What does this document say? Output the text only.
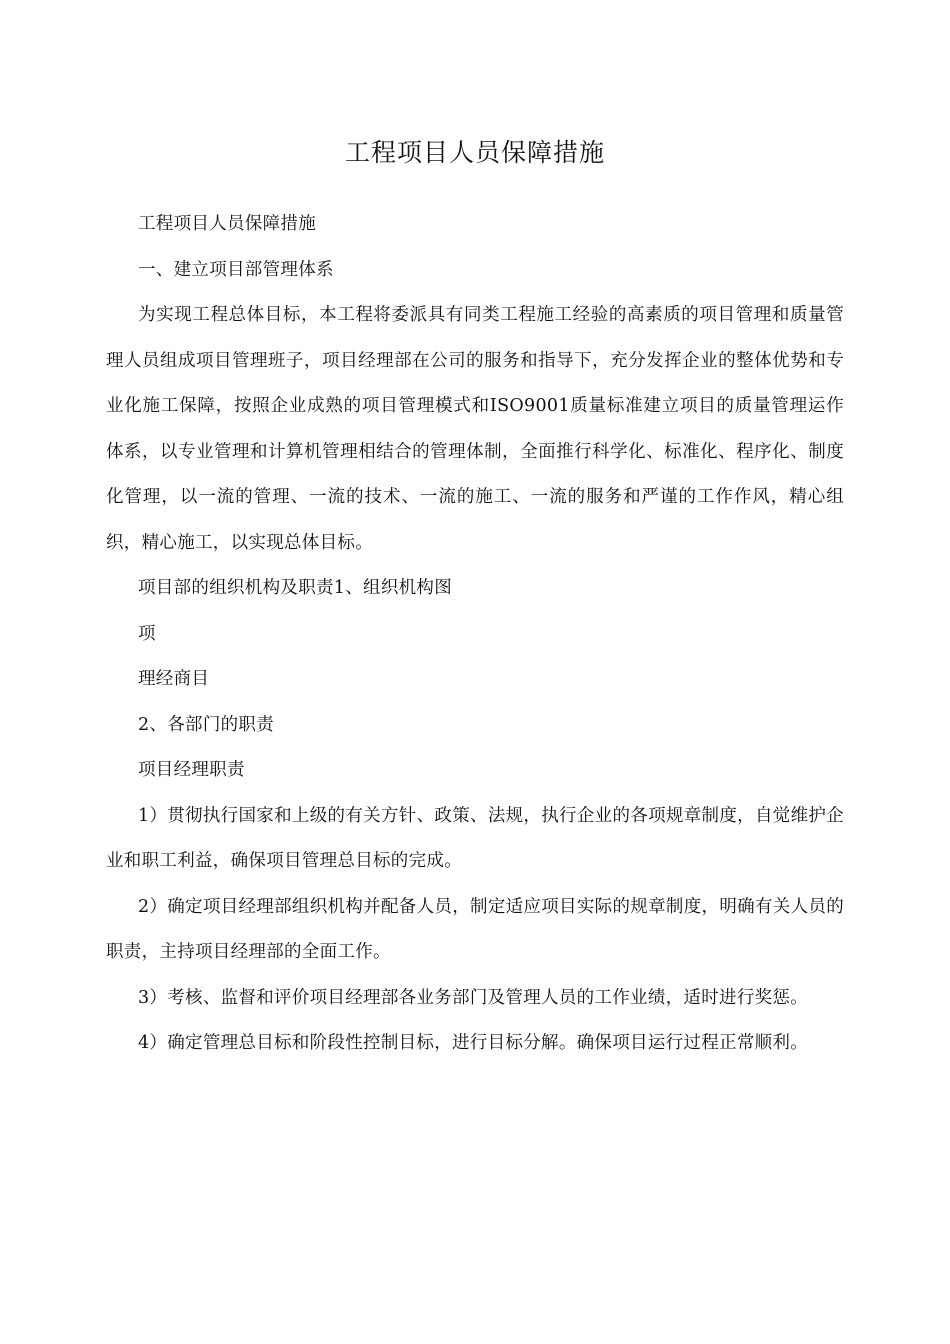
工程项目人员保障措施

工程项目人员保障措施

一、建立项目部管理体系

为实现工程总体目标，本工程将委派具有同类工程施工经验的高素质的项目管理和质量管理人员组成项目管理班子，项目经理部在公司的服务和指导下，充分发挥企业的整体优势和专业化施工保障，按照企业成熟的项目管理模式和ISO9001质量标准建立项目的质量管理运作体系，以专业管理和计算机管理相结合的管理体制，全面推行科学化、标准化、程序化、制度化管理，以一流的管理、一流的技术、一流的施工、一流的服务和严谨的工作作风，精心组织，精心施工，以实现总体目标。

项目部的组织机构及职责1、组织机构图

项

理经商目

2、各部门的职责

项目经理职责

1）贯彻执行国家和上级的有关方针、政策、法规，执行企业的各项规章制度，自觉维护企业和职工利益，确保项目管理总目标的完成。

2）确定项目经理部组织机构并配备人员，制定适应项目实际的规章制度，明确有关人员的职责，主持项目经理部的全面工作。

3）考核、监督和评价项目经理部各业务部门及管理人员的工作业绩，适时进行奖惩。

4）确定管理总目标和阶段性控制目标，进行目标分解。确保项目运行过程正常顺利。
